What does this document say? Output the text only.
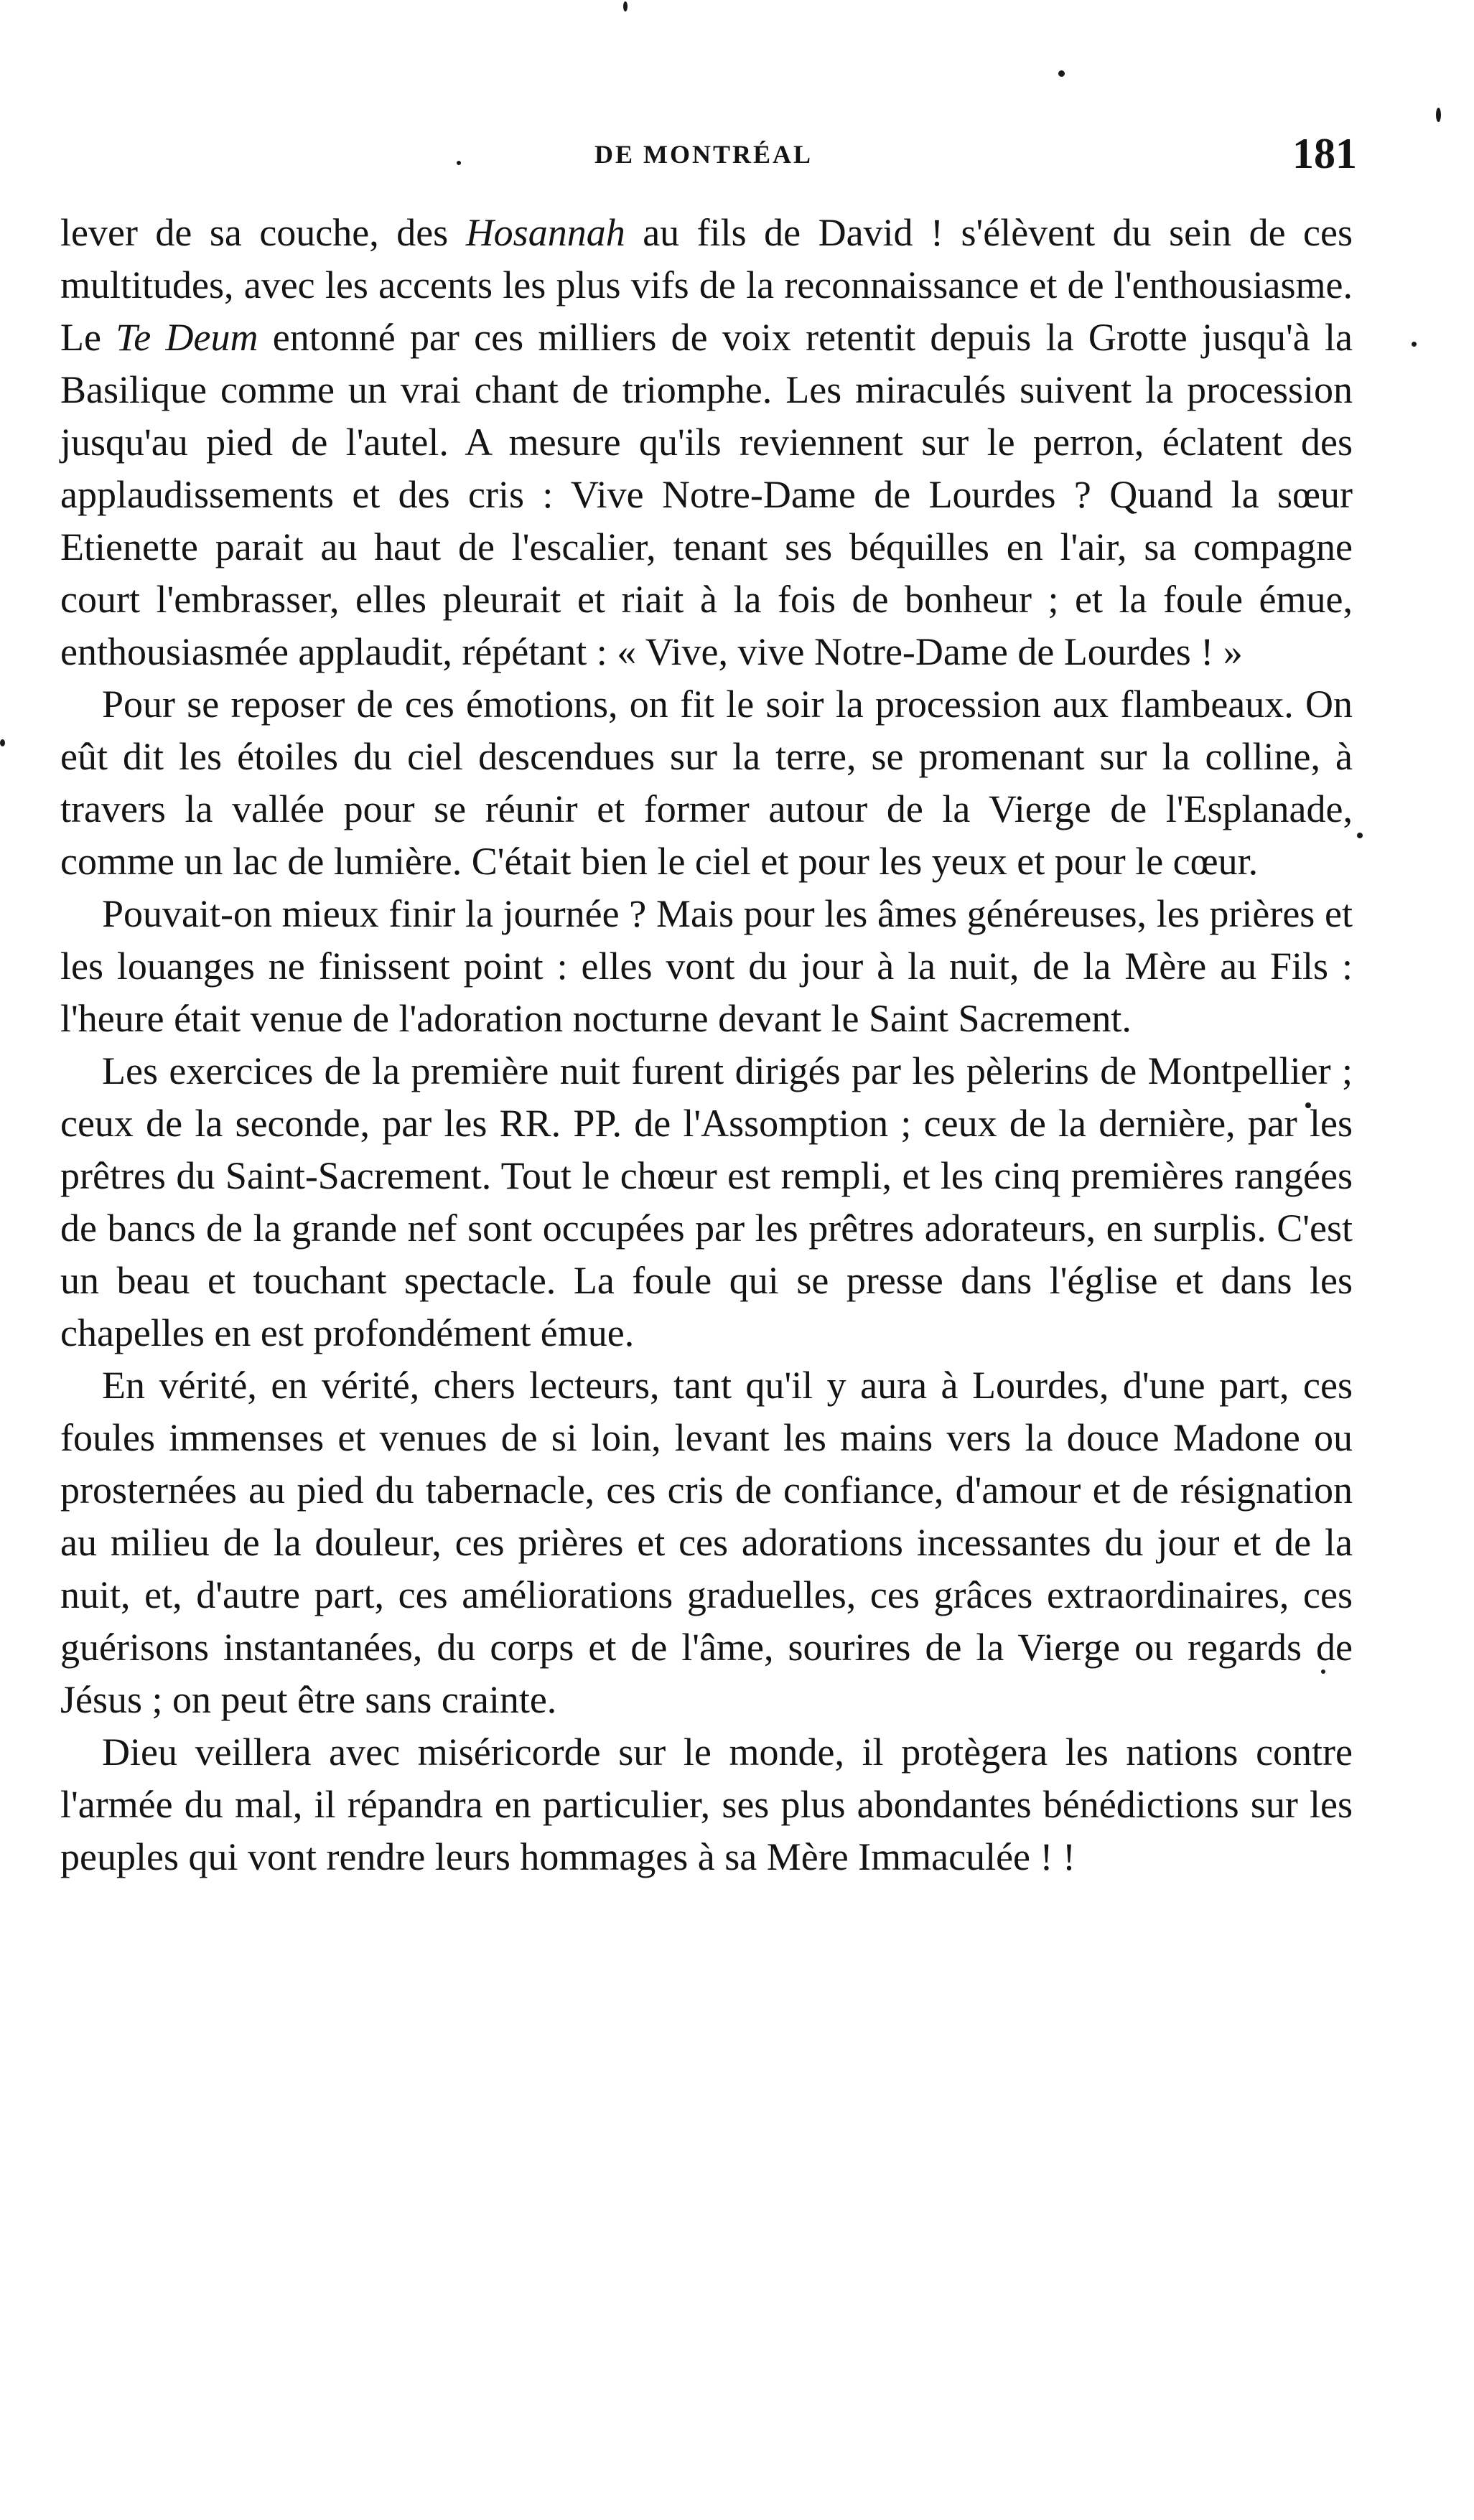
DE MONTRÉAL	181

lever de sa couche, des Hosannah au fils de David ! s'élèvent du sein de ces multitudes, avec les accents les plus vifs de la reconnaissance et de l'enthousiasme. Le Te Deum entonné par ces milliers de voix retentit depuis la Grotte jusqu'à la Basilique comme un vrai chant de triomphe. Les miraculés suivent la procession jusqu'au pied de l'autel. A mesure qu'ils reviennent sur le perron, éclatent des applaudissements et des cris : Vive Notre-Dame de Lourdes ? Quand la sœur Etienette parait au haut de l'escalier, tenant ses béquilles en l'air, sa compagne court l'embrasser, elles pleurait et riait à la fois de bonheur ; et la foule émue, enthousiasmée applaudit, répétant : « Vive, vive Notre-Dame de Lourdes ! »

Pour se reposer de ces émotions, on fit le soir la procession aux flambeaux. On eût dit les étoiles du ciel descendues sur la terre, se promenant sur la colline, à travers la vallée pour se réunir et former autour de la Vierge de l'Esplanade, comme un lac de lumière. C'était bien le ciel et pour les yeux et pour le cœur.

Pouvait-on mieux finir la journée ? Mais pour les âmes généreuses, les prières et les louanges ne finissent point : elles vont du jour à la nuit, de la Mère au Fils : l'heure était venue de l'adoration nocturne devant le Saint Sacrement.

Les exercices de la première nuit furent dirigés par les pèlerins de Montpellier ; ceux de la seconde, par les RR. PP. de l'Assomption ; ceux de la dernière, par les prêtres du Saint-Sacrement. Tout le chœur est rempli, et les cinq premières rangées de bancs de la grande nef sont occupées par les prêtres adorateurs, en surplis. C'est un beau et touchant spectacle. La foule qui se presse dans l'église et dans les chapelles en est profondément émue.

En vérité, en vérité, chers lecteurs, tant qu'il y aura à Lourdes, d'une part, ces foules immenses et venues de si loin, levant les mains vers la douce Madone ou prosternées au pied du tabernacle, ces cris de confiance, d'amour et de résignation au milieu de la douleur, ces prières et ces adorations incessantes du jour et de la nuit, et, d'autre part, ces améliorations graduelles, ces grâces extraordinaires, ces guérisons instantanées, du corps et de l'âme, sourires de la Vierge ou regards de Jésus ; on peut être sans crainte.

Dieu veillera avec miséricorde sur le monde, il protègera les nations contre l'armée du mal, il répandra en particulier, ses plus abondantes bénédictions sur les peuples qui vont rendre leurs hommages à sa Mère Immaculée ! !
